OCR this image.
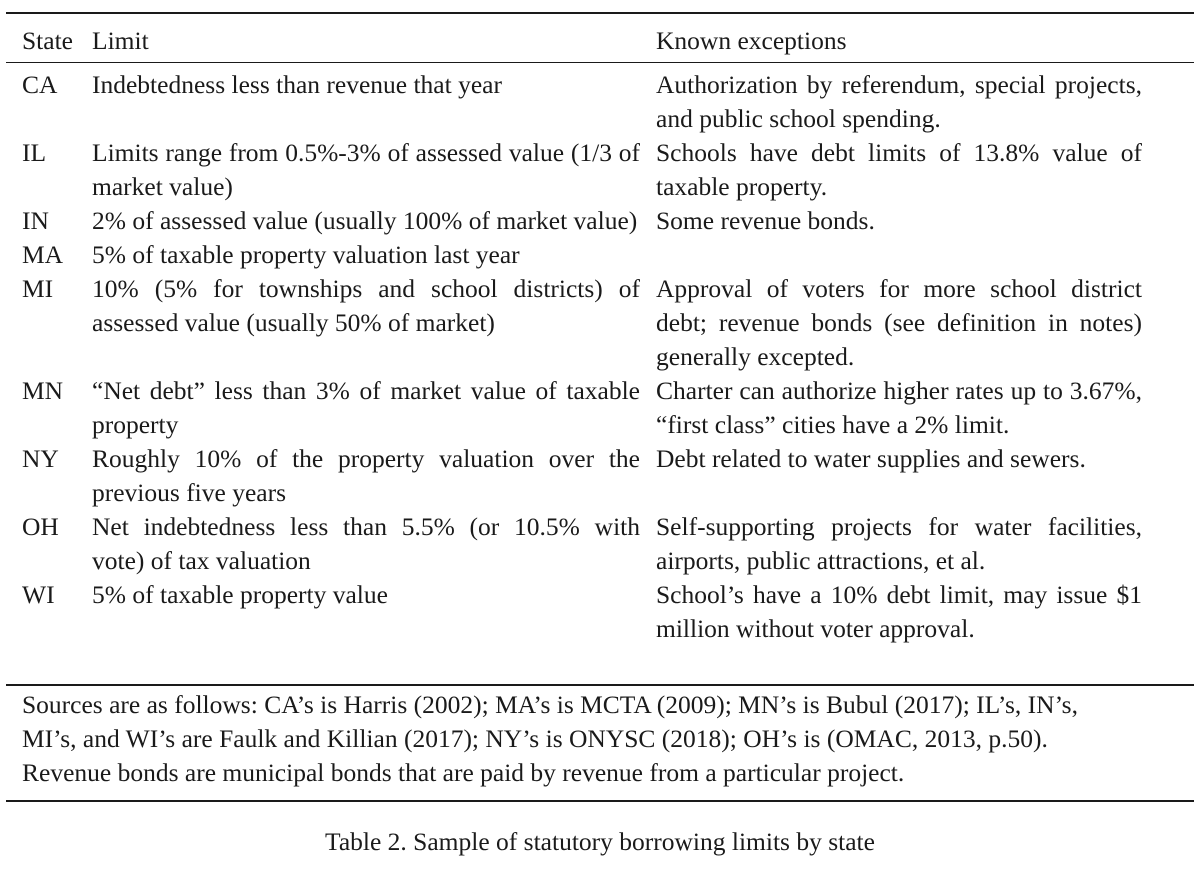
State	Limit	Known exceptions
CA	Indebtedness less than revenue that year	Authorization by referendum, special projects, and public school spending.
IL	Limits range from 0.5%-3% of assessed value (1/3 of market value)	Schools have debt limits of 13.8% value of taxable property.
IN	2% of assessed value (usually 100% of market value)	Some revenue bonds.
MA	5% of taxable property valuation last year	
MI	10% (5% for townships and school districts) of assessed value (usually 50% of market)	Approval of voters for more school district debt; revenue bonds (see definition in notes) generally excepted.
MN	“Net debt” less than 3% of market value of taxable property	Charter can authorize higher rates up to 3.67%, “first class” cities have a 2% limit.
NY	Roughly 10% of the property valuation over the previous five years	Debt related to water supplies and sewers.
OH	Net indebtedness less than 5.5% (or 10.5% with vote) of tax valuation	Self-supporting projects for water facilities, airports, public attractions, et al.
WI	5% of taxable property value	School’s have a 10% debt limit, may issue $1 million without voter approval.
Sources are as follows: CA’s is Harris (2002); MA’s is MCTA (2009); MN’s is Bubul (2017); IL’s, IN’s,
MI’s, and WI’s are Faulk and Killian (2017); NY’s is ONYSC (2018); OH’s is (OMAC, 2013, p.50).
Revenue bonds are municipal bonds that are paid by revenue from a particular project.
Table 2. Sample of statutory borrowing limits by state
